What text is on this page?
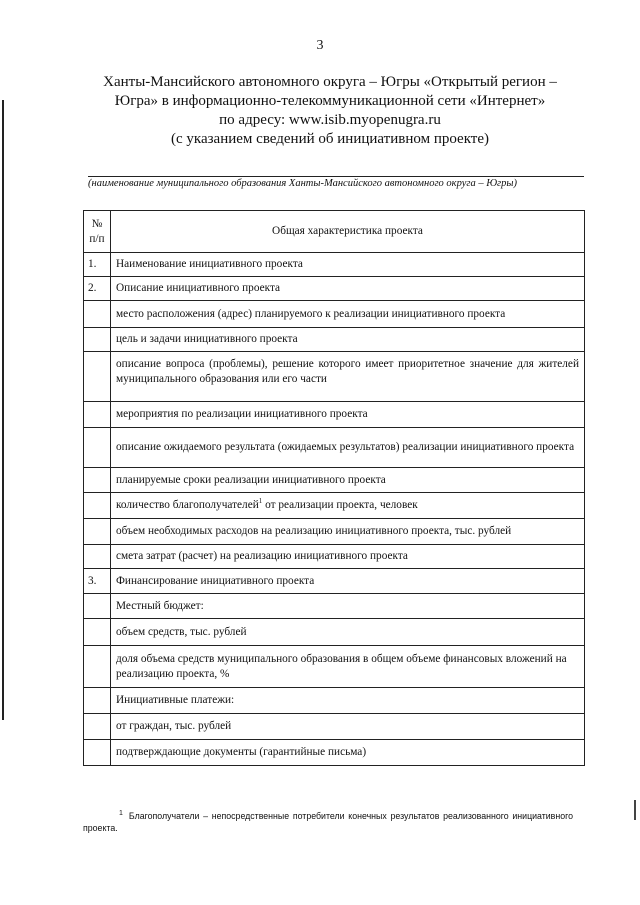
3
Ханты-Мансийского автономного округа – Югры «Открытый регион –
Югра» в информационно-телекоммуникационной сети «Интернет»
по адресу: www.isib.myopenugra.ru
(с указанием сведений об инициативном проекте)
(наименование муниципального образования Ханты-Мансийского автономного округа – Югры)
№ п/п	Общая характеристика проекта
1.	Наименование инициативного проекта
2.	Описание инициативного проекта
	место расположения (адрес) планируемого к реализации инициативного проекта
	цель и задачи инициативного проекта
	описание вопроса (проблемы), решение которого имеет приоритетное значение для жителей муниципального образования или его части
	мероприятия по реализации инициативного проекта
	описание ожидаемого результата (ожидаемых результатов) реализации инициативного проекта
	планируемые сроки реализации инициативного проекта
	количество благополучателей$^1$ от реализации проекта, человек
	объем необходимых расходов на реализацию инициативного проекта, тыс. рублей
	смета затрат (расчет) на реализацию инициативного проекта
3.	Финансирование инициативного проекта
	Местный бюджет:
	объем средств, тыс. рублей
	доля объема средств муниципального образования в общем объеме финансовых вложений на реализацию проекта, %
	Инициативные платежи:
	от граждан, тыс. рублей
	подтверждающие документы (гарантийные письма)
$^1$ Благополучатели – непосредственные потребители конечных результатов реализованного инициативного проекта.
